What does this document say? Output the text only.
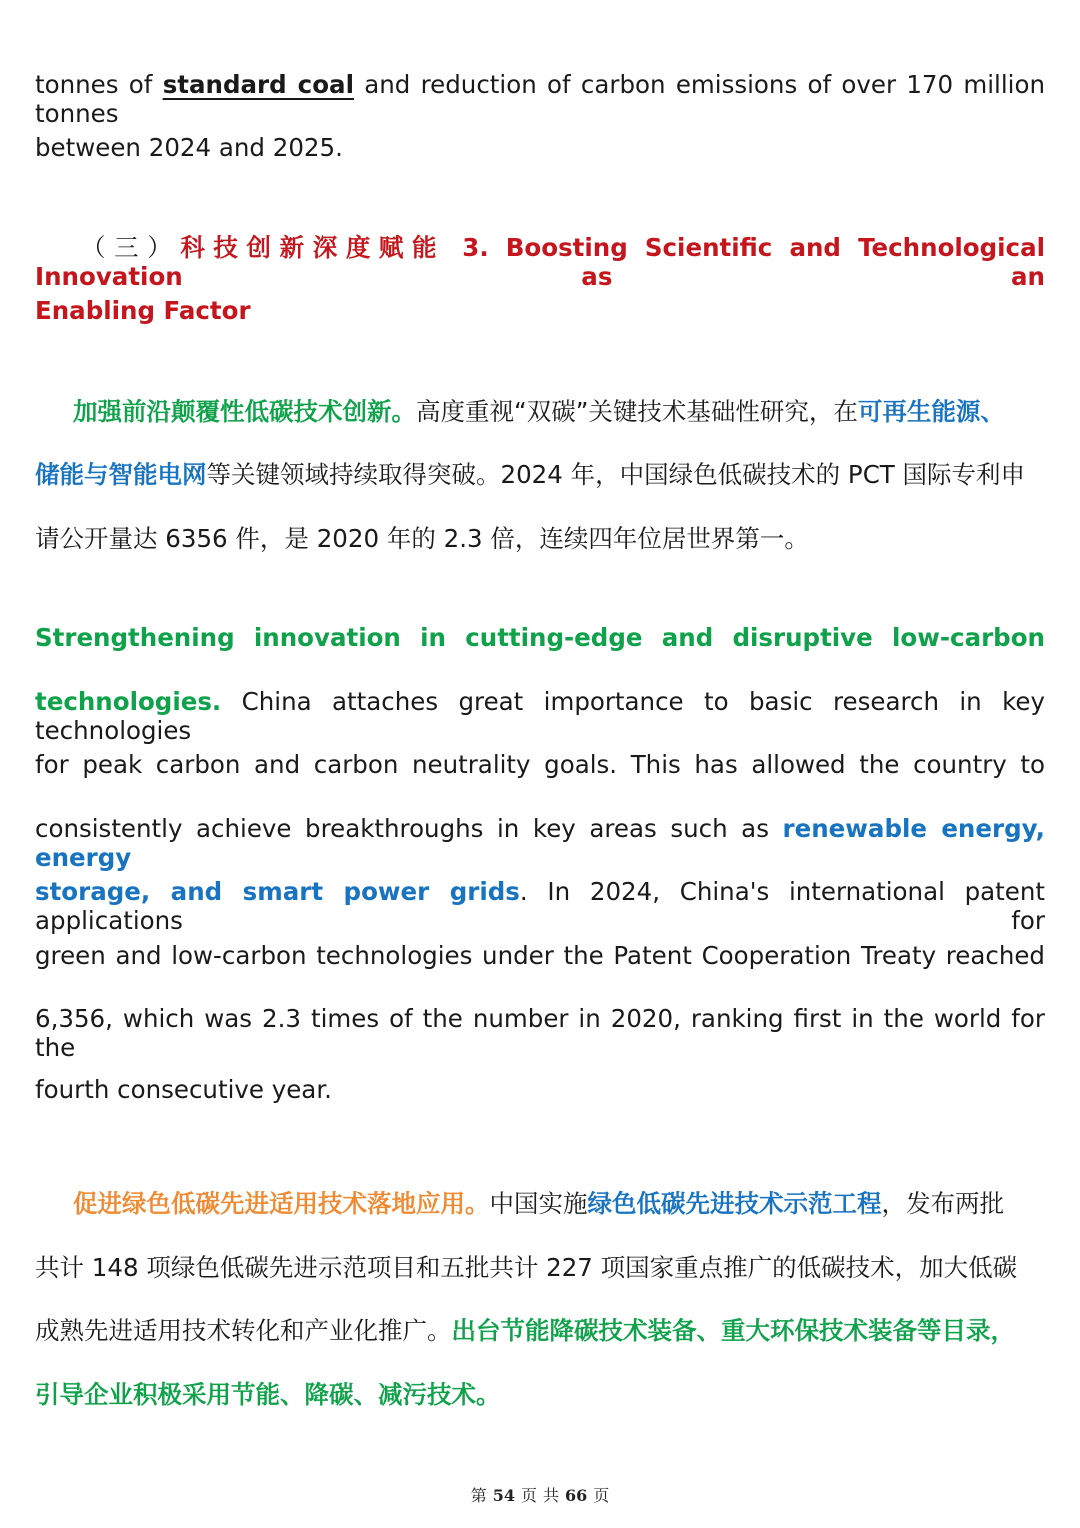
tonnes of standard coal and reduction of carbon emissions of over 170 million tonnes
between 2024 and 2025.
（三）科技创新深度赋能 3. Boosting Scientific and Technological Innovation as an
Enabling Factor
加强前沿颠覆性低碳技术创新。高度重视“双碳”关键技术基础性研究，在可再生能源、
储能与智能电网等关键领域持续取得突破。2024 年，中国绿色低碳技术的 PCT 国际专利申
请公开量达 6356 件，是 2020 年的 2.3 倍，连续四年位居世界第一。
Strengthening innovation in cutting-edge and disruptive low-carbon
technologies. China attaches great importance to basic research in key technologies
for peak carbon and carbon neutrality goals. This has allowed the country to
consistently achieve breakthroughs in key areas such as renewable energy, energy
storage, and smart power grids. In 2024, China's international patent applications for
green and low-carbon technologies under the Patent Cooperation Treaty reached
6,356, which was 2.3 times of the number in 2020, ranking first in the world for the
fourth consecutive year.
促进绿色低碳先进适用技术落地应用。中国实施绿色低碳先进技术示范工程，发布两批
共计 148 项绿色低碳先进示范项目和五批共计 227 项国家重点推广的低碳技术，加大低碳
成熟先进适用技术转化和产业化推广。出台节能降碳技术装备、重大环保技术装备等目录，
引导企业积极采用节能、降碳、减污技术。
第 54 页 共 66 页
